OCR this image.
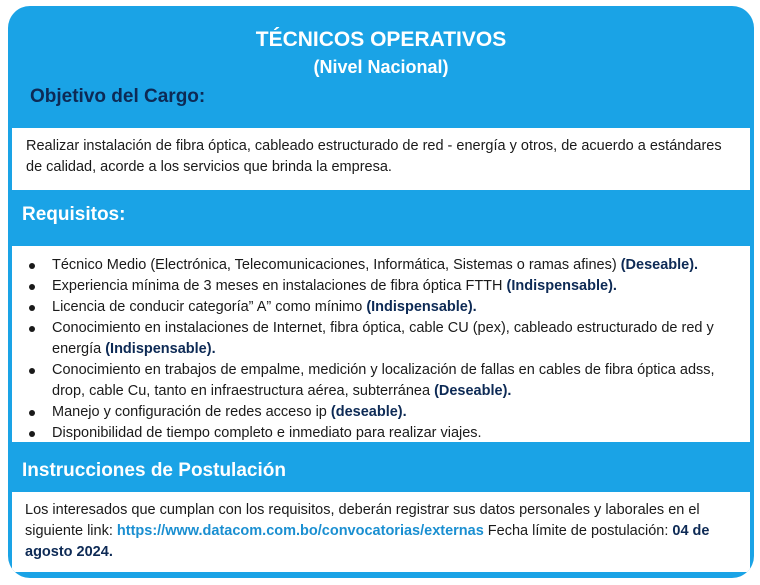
TÉCNICOS OPERATIVOS
(Nivel Nacional)
Objetivo del Cargo:
Realizar instalación de fibra óptica, cableado estructurado de red - energía y otros, de acuerdo a estándares de calidad, acorde a los servicios que brinda la empresa.
Requisitos:
Técnico Medio (Electrónica, Telecomunicaciones, Informática, Sistemas o ramas afines) (Deseable).
Experiencia mínima de 3 meses en instalaciones de fibra óptica FTTH (Indispensable).
Licencia de conducir categoría” A” como mínimo (Indispensable).
Conocimiento en instalaciones de Internet, fibra óptica, cable CU (pex), cableado estructurado de red y energía (Indispensable).
Conocimiento en trabajos de empalme, medición y localización de fallas en cables de fibra óptica adss, drop, cable Cu, tanto en infraestructura aérea, subterránea (Deseable).
Manejo y configuración de redes acceso ip (deseable).
Disponibilidad de tiempo completo e inmediato para realizar viajes.
Instrucciones de Postulación
Los interesados que cumplan con los requisitos, deberán registrar sus datos personales y laborales en el siguiente link: https://www.datacom.com.bo/convocatorias/externas Fecha límite de postulación: 04 de agosto 2024.
